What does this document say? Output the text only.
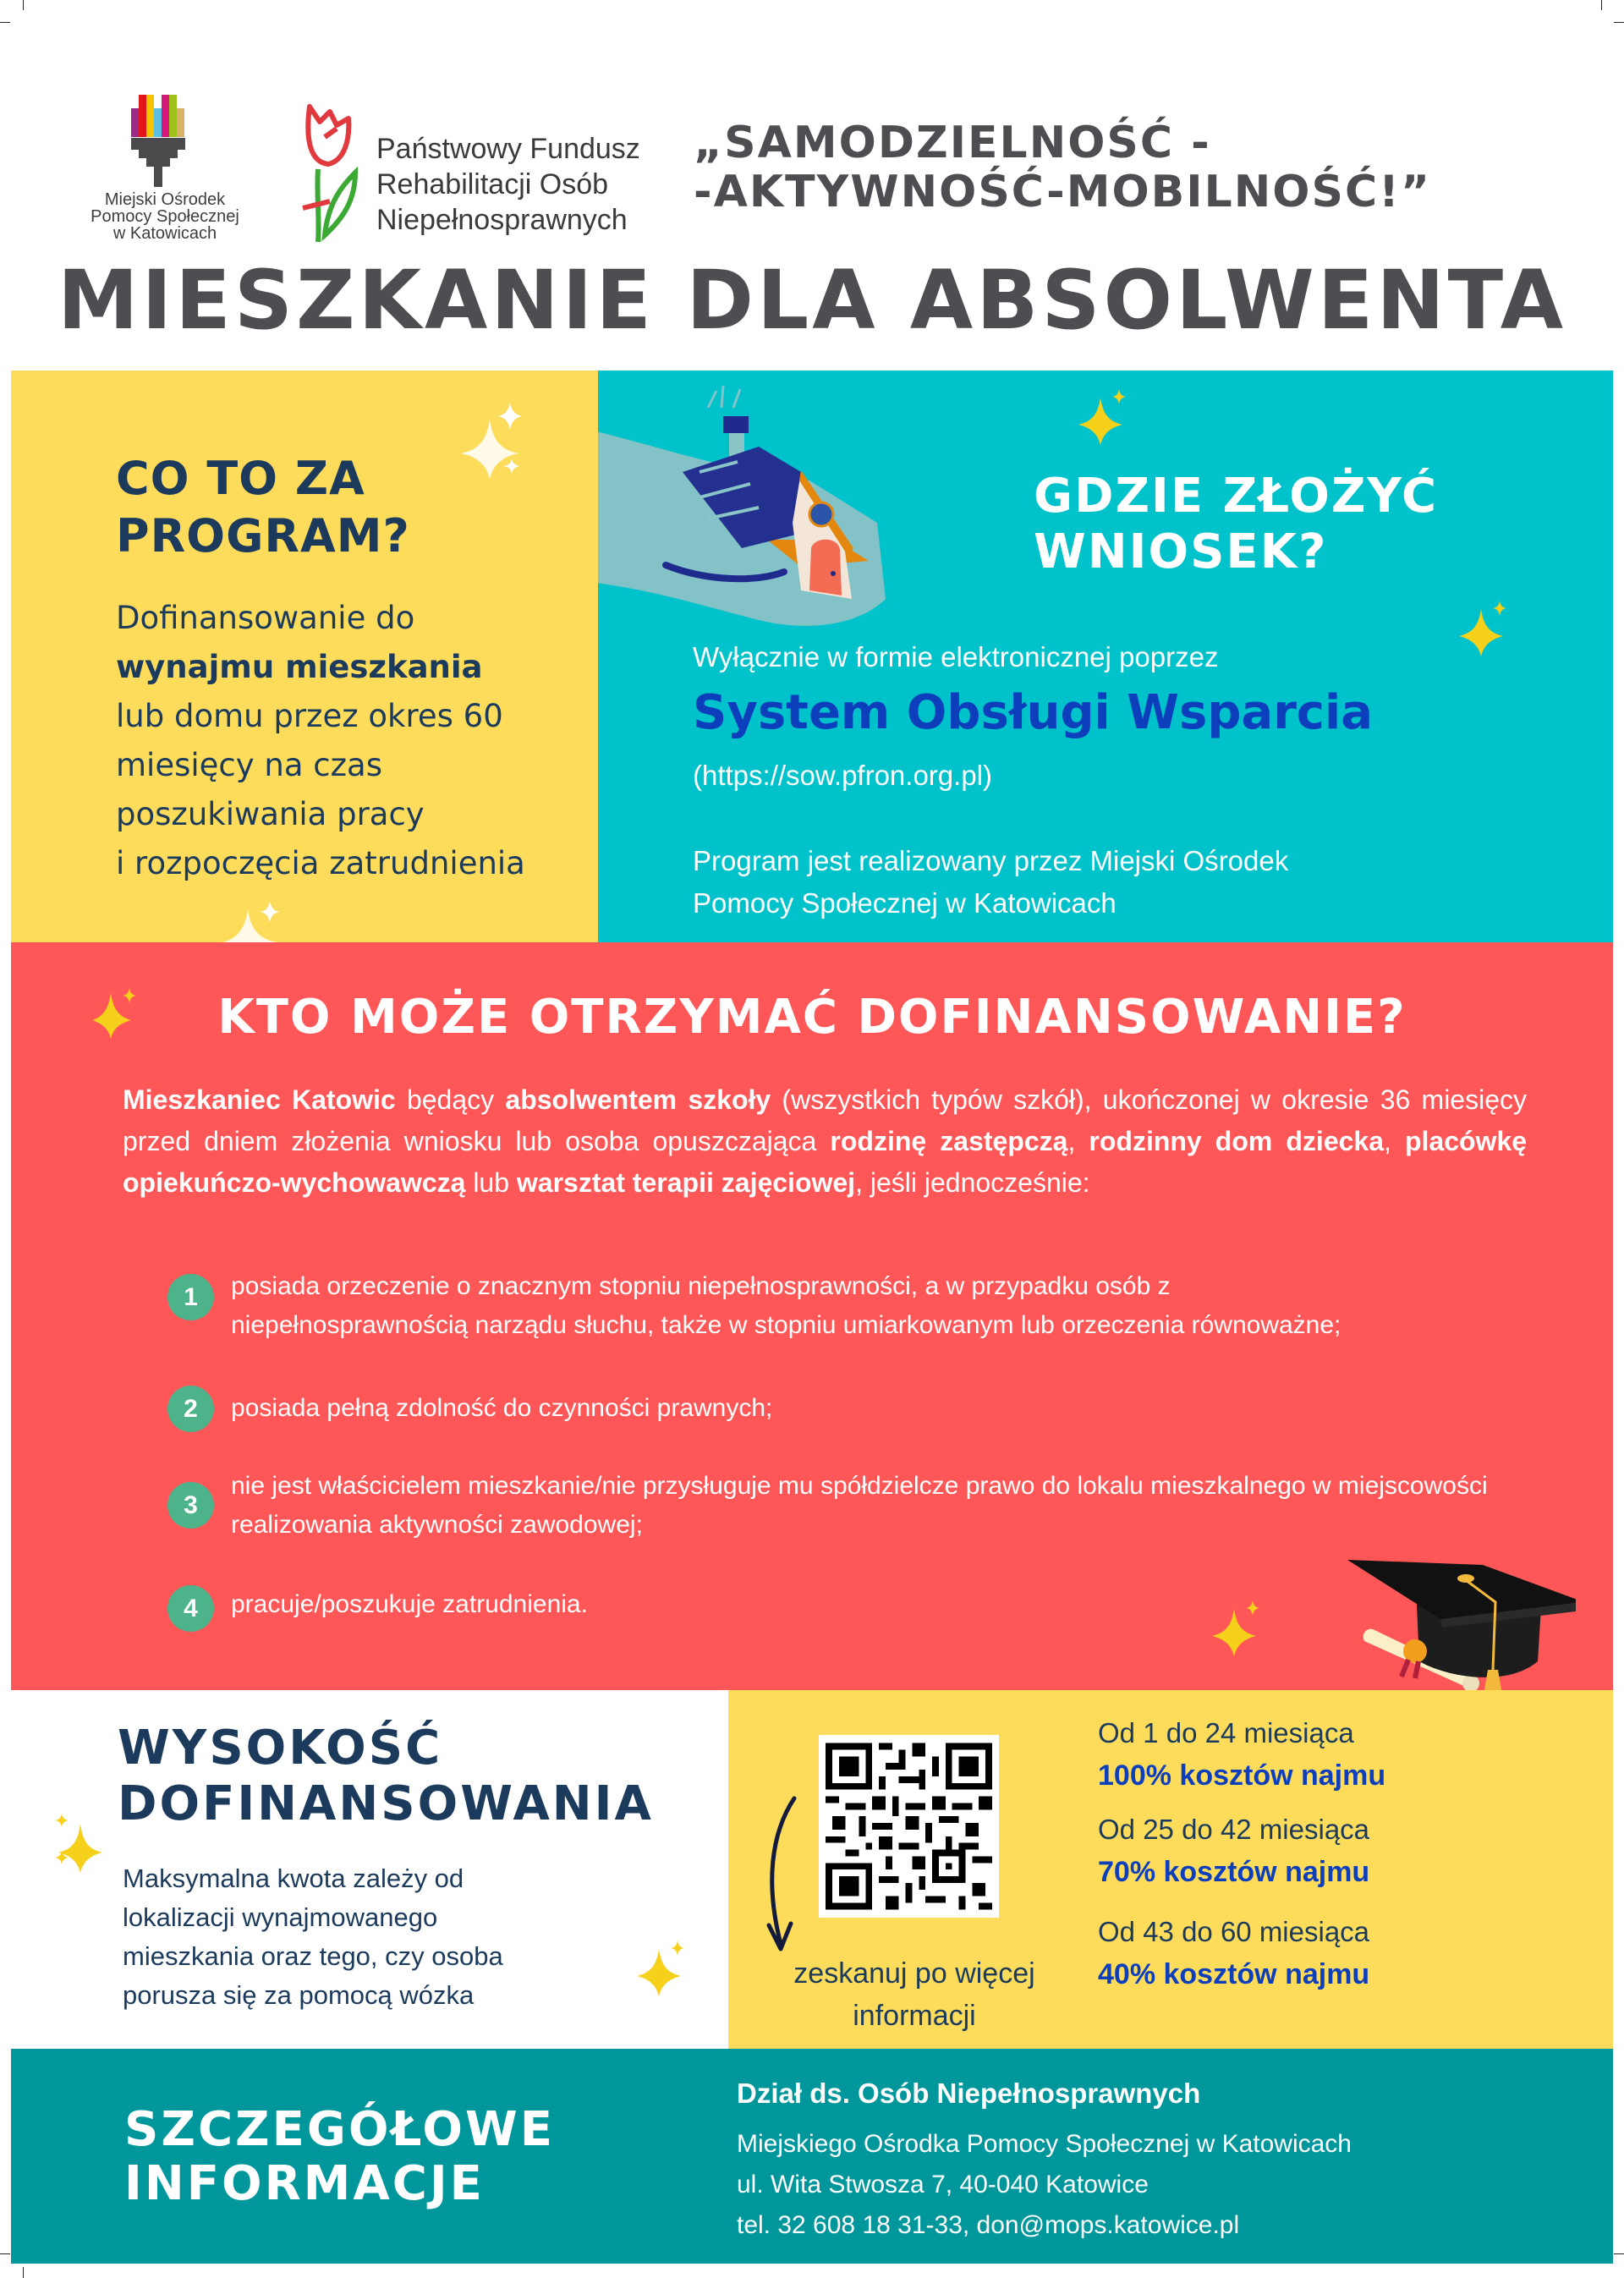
Miejski Ośrodek
Pomocy Społecznej
w Katowicach
Państwowy Fundusz
Rehabilitacji Osób
Niepełnosprawnych
„SAMODZIELNOŚĆ -
-AKTYWNOŚĆ-MOBILNOŚĆ!”
MIESZKANIE DLA ABSOLWENTA
CO TO ZA
PROGRAM?
Dofinansowanie do
wynajmu mieszkania
lub domu przez okres 60
miesięcy na czas
poszukiwania pracy
i rozpoczęcia zatrudnienia
GDZIE ZŁOŻYĆ
WNIOSEK?
Wyłącznie w formie elektronicznej poprzez
System Obsługi Wsparcia
(https://sow.pfron.org.pl)
Program jest realizowany przez Miejski Ośrodek
Pomocy Społecznej w Katowicach
KTO MOŻE OTRZYMAĆ DOFINANSOWANIE?
Mieszkaniec Katowic będący absolwentem szkoły (wszystkich typów szkół), ukończonej w okresie 36 miesięcy przed dniem złożenia wniosku lub osoba opuszczająca rodzinę zastępczą, rodzinny dom dziecka, placówkę opiekuńczo-wychowawczą lub warsztat terapii zajęciowej, jeśli jednocześnie:
1	posiada orzeczenie o znacznym stopniu niepełnosprawności, a w przypadku osób z niepełnosprawnością narządu słuchu, także w stopniu umiarkowanym lub orzeczenia równoważne;
2	posiada pełną zdolność do czynności prawnych;
3
nie jest właścicielem mieszkanie/nie przysługuje mu spółdzielcze prawo do lokalu mieszkalnego w miejscowości realizowania aktywności zawodowej;
4	pracuje/poszukuje zatrudnienia.
WYSOKOŚĆ
DOFINANSOWANIA
Maksymalna kwota zależy od
lokalizacji wynajmowanego
mieszkania oraz tego, czy osoba
porusza się za pomocą wózka
zeskanuj po więcej
informacji
Od 1 do 24 miesiąca
100% kosztów najmu
Od 25 do 42 miesiąca
70% kosztów najmu
Od 43 do 60 miesiąca
40% kosztów najmu
SZCZEGÓŁOWE
INFORMACJE
Dział ds. Osób Niepełnosprawnych
Miejskiego Ośrodka Pomocy Społecznej w Katowicach
ul. Wita Stwosza 7, 40-040 Katowice
tel. 32 608 18 31-33, don@mops.katowice.pl
